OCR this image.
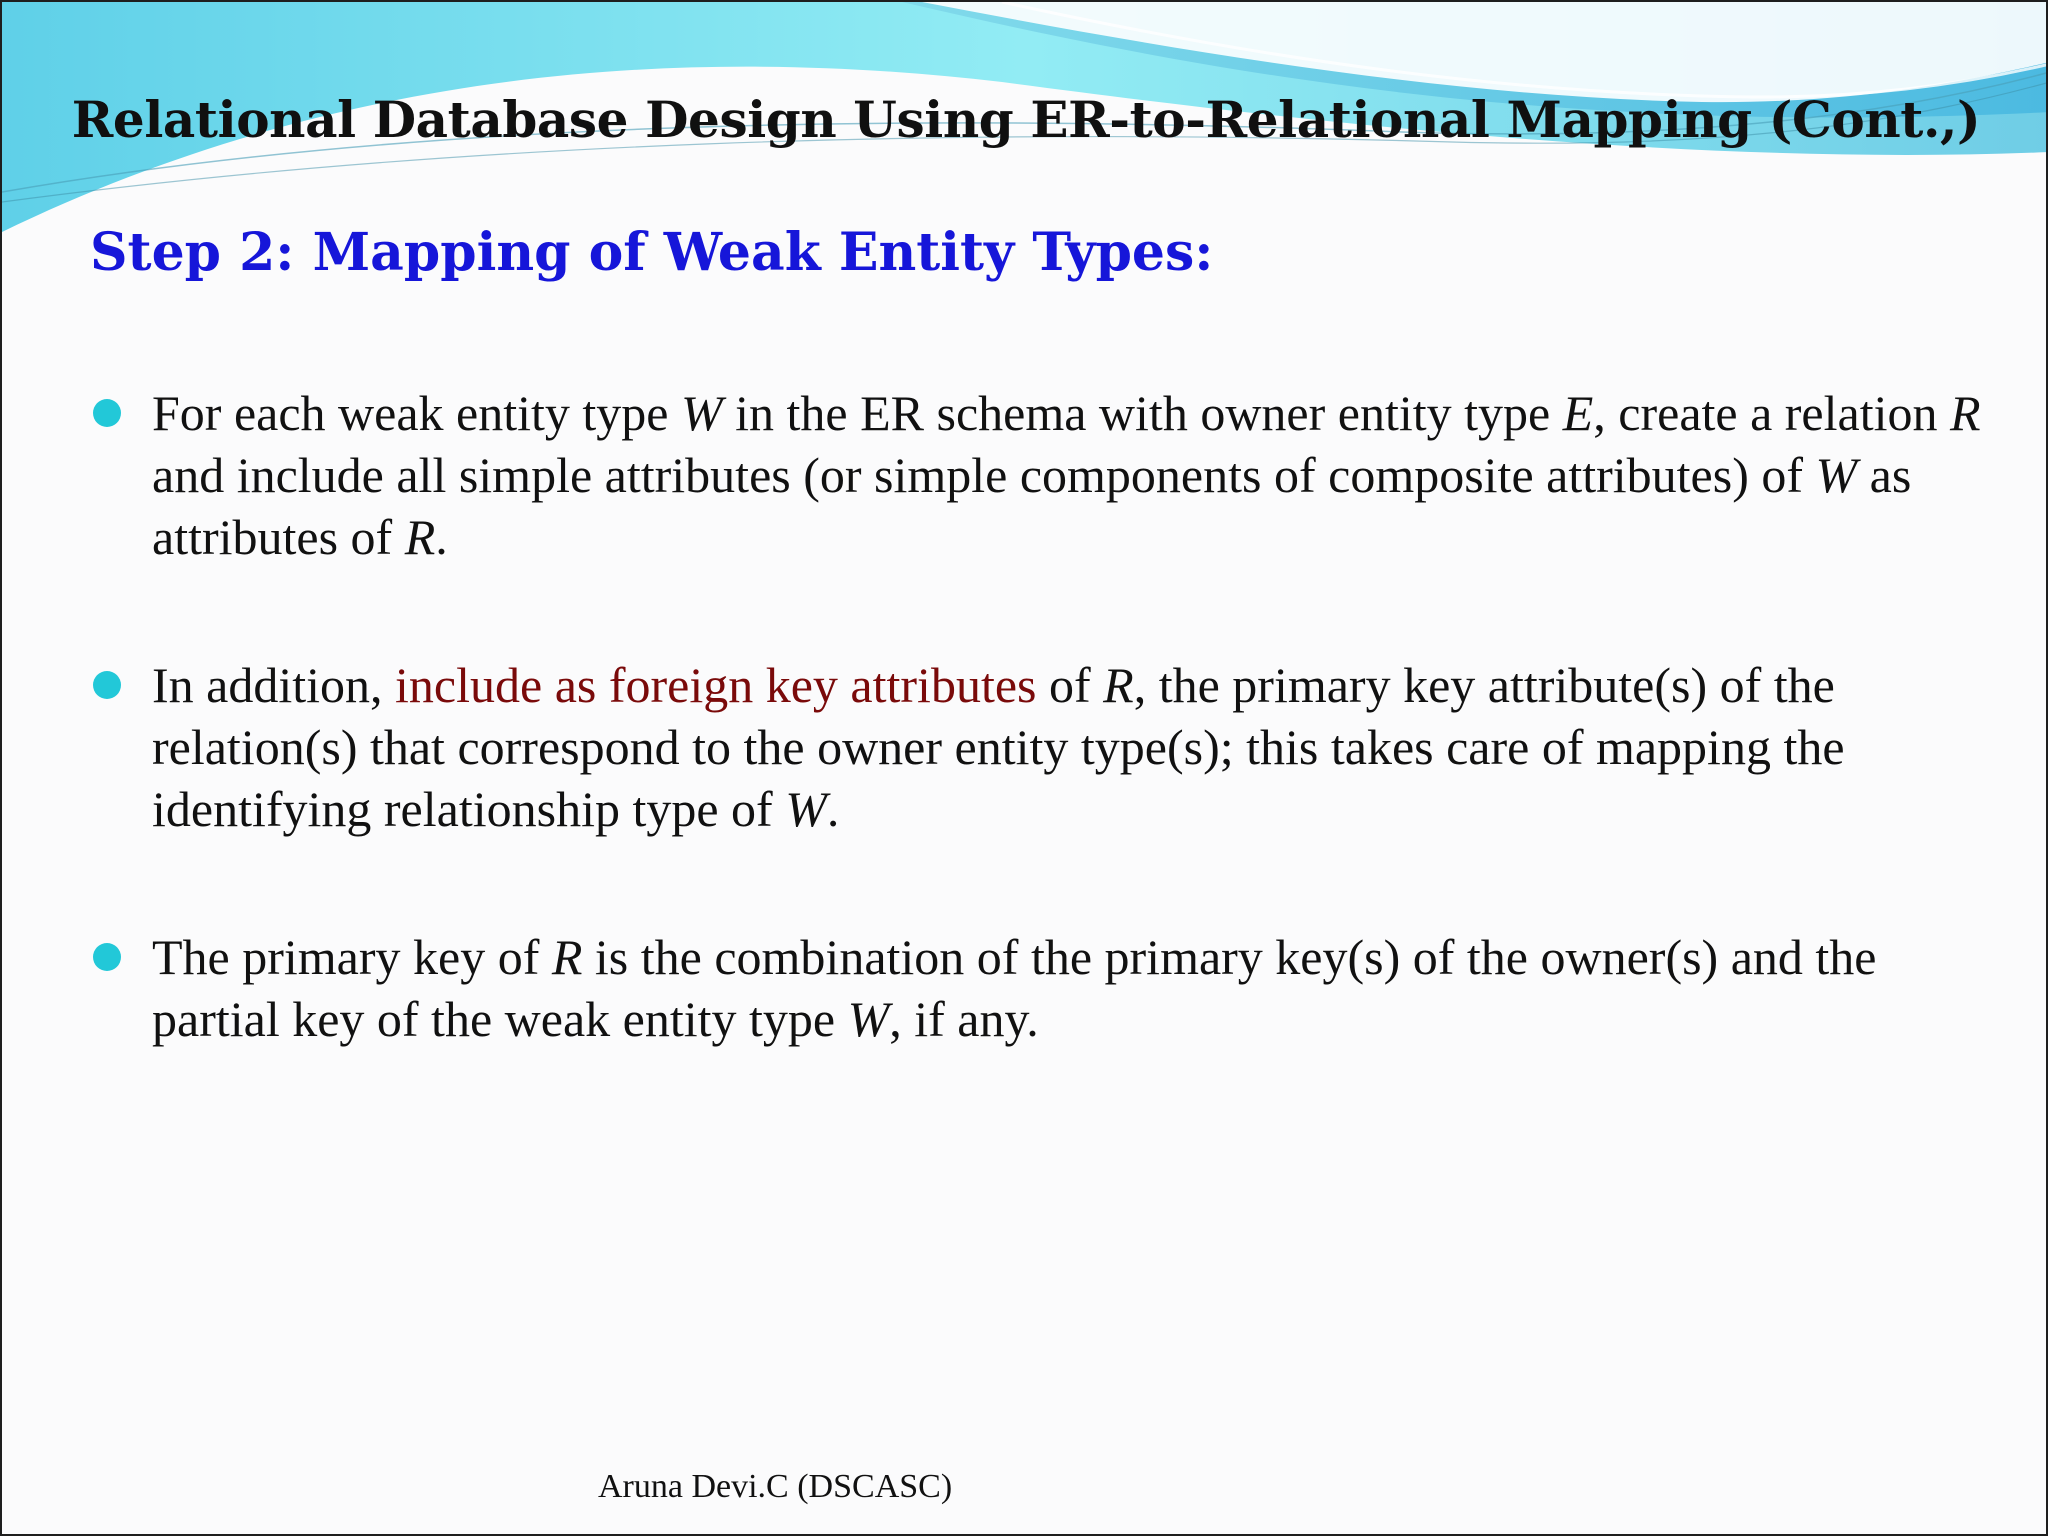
Relational Database Design Using ER-to-Relational Mapping (Cont.,)
Step 2: Mapping of Weak Entity Types:
For each weak entity type W in the ER schema with owner entity type E, create a relation R and include all simple attributes (or simple components of composite attributes) of W as attributes of R.
In addition, include as foreign key attributes of R, the primary key attribute(s) of the relation(s) that correspond to the owner entity type(s); this takes care of mapping the identifying relationship type of W.
The primary key of R is the combination of the primary key(s) of the owner(s) and the partial key of the weak entity type W, if any.
Aruna Devi.C (DSCASC)
